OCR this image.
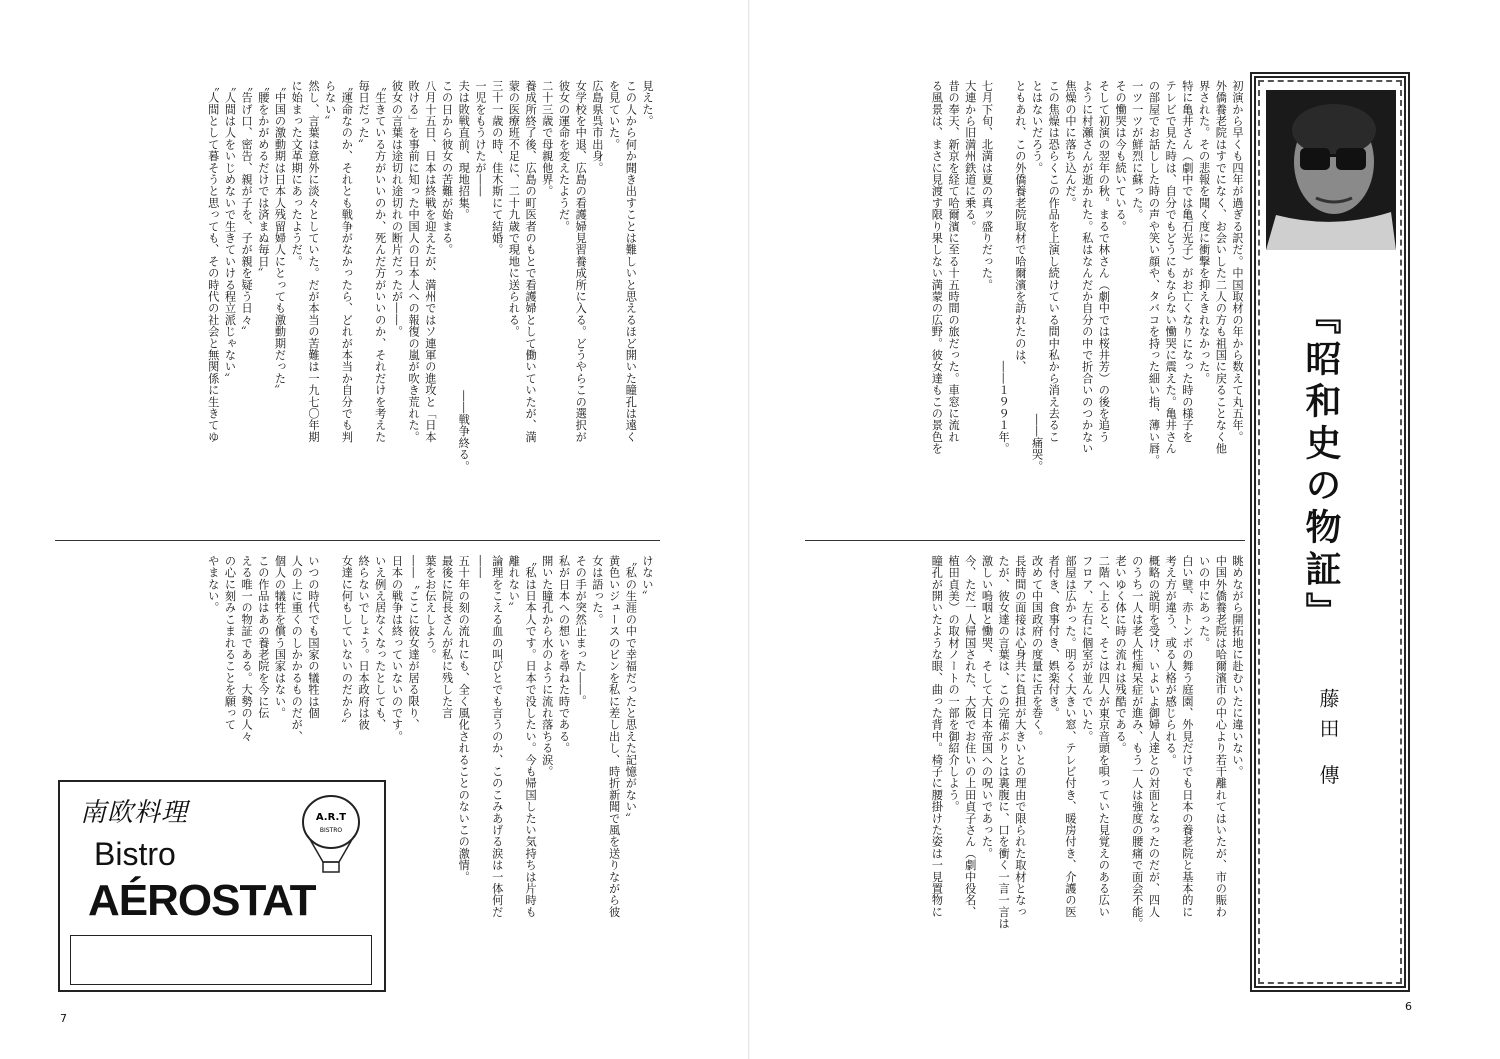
見えた。
この人から何か聞き出すことは難しいと思えるほど開いた瞳孔は遠く
を見ていた。
広島県呉市出身。
女学校を中退、広島の看護婦見習養成所に入る。どうやらこの選択が
彼女の運命を変えたようだ。
二十三歳で母親他界。
養成所終了後、広島の町医者のもとで看護婦として働いていたが、満
蒙の医療班不足に、二十九歳で現地に送られる。
三十一歳の時、佳木斯にて結婚。
一児をもうけたが――
夫は敗戦直前、現地招集。　　　　　　　　　　　　　　　――戦争終る。
この日から彼女の苦難が始まる。
八月十五日、日本は終戦を迎えたが、満州ではソ連軍の進攻と「日本
敗ける」を事前に知った中国人の日本人への報復の嵐が吹き荒れた。
彼女の言葉は途切れ途切れの断片だったが――。
〝生きている方がいいのか、死んだ方がいいのか、それだけを考えた
毎日だった〟
〝運命なのか、それとも戦争がなかったら、どれが本当か自分でも判
らない〟
然し、言葉は意外に淡々としていた。だが本当の苦難は一九七〇年期
に始まった文革期にあったようだ。
〝中国の激動期は日本人残留婦人にとっても激動期だった〟
〝腰をかがめるだけでは済まぬ毎日〟
〝告げ口、密告、親が子を、子が親を疑う日々〟
〝人間は人をいじめないで生きていける程立派じゃない〟
〝人間として暮そうと思っても、その時代の社会と無関係に生きてゆ
けない〟
〝私の生涯の中で幸福だったと思えた記憶がない〟
黄色いジュースのビンを私に差し出し、時折新聞で風を送りながら彼
女は語った。
その手が突然止まった――。
私が日本への想いを尋ねた時である。
開いた瞳孔から水のように流れ落ちる涙。
〝私は日本人です。日本で没したい。今も帰国したい気持ちは片時も
離れない〟
論理をこえる血の叫びとでも言うのか、このこみあげる涙は一体何だ
――
五十年の刻の流れにも、全く風化されることのないこの激情。
最後に院長さんが私に残した言
葉をお伝えしよう。
――〝ここに彼女達が居る限り、
日本の戦争は終っていないのです。
いえ例え居なくなったとしても、
終らないでしょう。日本政府は彼
女達に何もしていないのだから〟

いつの時代でも国家の犠牲は個
人の上に重くのしかかるものだが、
個人の犠牲を償う国家はない。
この作品はあの養老院を今に伝
える唯一の物証である。大勢の人々
の心に刻みこまれることを願って
やまない。
南欧料理	A.R.T
BISTRO
Bistro
AÉROSTAT
7
初演から早くも四年が過ぎる訳だ。中国取材の年から数えて丸五年。
外僑養老院はすでになく、お会いした二人の方も祖国に戻ることなく他
界された。その悲報を聞く度に衝撃を抑えきれなかった。
特に亀井さん（劇中では亀石光子）がお亡くなりになった時の様子を
テレビで見た時は、自分でもどうにもならない慟哭に震えた。亀井さん
の部屋でお話しした時の声や笑い顔や、タバコを持った細い指、薄い唇。
一ツ一ツが鮮烈に蘇った。
その慟哭は今も続いている。
そして初演の翌年の秋。まるで林さん（劇中では桜井芳）の後を追う
ように村瀬さんが逝かれた。私はなんだか自分の中で折合いのつかない
焦燥の中に落ち込んだ。
この焦燥は恐らくこの作品を上演し続けている間中私から消え去るこ
とはないだろう。　　　　　　　　　　　　　　　　　　　　　――痛哭。
ともあれ、この外僑養老院取材で哈爾濱を訪れたのは、
　　　　　　　　　　　　　　　　　　　　　　　　――１９９１年。
七月下旬、北満は夏の真ッ盛りだった。
大連から旧満州鉄道に乗る。
昔の奉天、新京を経て哈爾濱に至る十五時間の旅だった。車窓に流れ
る風景は、まさに見渡す限り果しない満蒙の広野。彼女達もこの景色を
眺めながら開拓地に赴むいたに違いない。
中国外僑養老院は哈爾濱市の中心より若干離れてはいたが、市の賑わ
いの中にあった。
白い壁、赤トンボの舞う庭園、外見だけでも日本の養老院と基本的に
考え方が違う、或る人格が感じられる。
概略の説明を受け、いよいよ御婦人達との対面となったのだが、四人
のうち一人は老人性痴呆症が進み、もう一人は強度の腰痛で面会不能。
老いゆく体に時の流れは残酷である。
二階へ上ると、そこは四人が東京音頭を唄っていた見覚えのある広い
フロア、左右に個室が並んでいた。
部屋は広かった。明るく大きい窓、テレビ付き、暖房付き、介護の医
者付き、食事付き、娯楽付き。
改めて中国政府の度量に舌を巻く。
長時間の面接は心身共に負担が大きいとの理由で限られた取材となっ
たが、彼女達の言葉は、この完備ぶりとは裏腹に、口を衝く一言一言は
激しい嗚咽と慟哭、そして大日本帝国への呪いであった。
今、ただ一人帰国された、大阪でお住いの上田貞子さん（劇中役名、
植田貞美）の取材ノートの一部を御紹介しよう。
瞳孔が開いたような眼、曲った背中。椅子に腰掛けた姿は一見置物に
『昭和史の物証』
藤田 傳
6
